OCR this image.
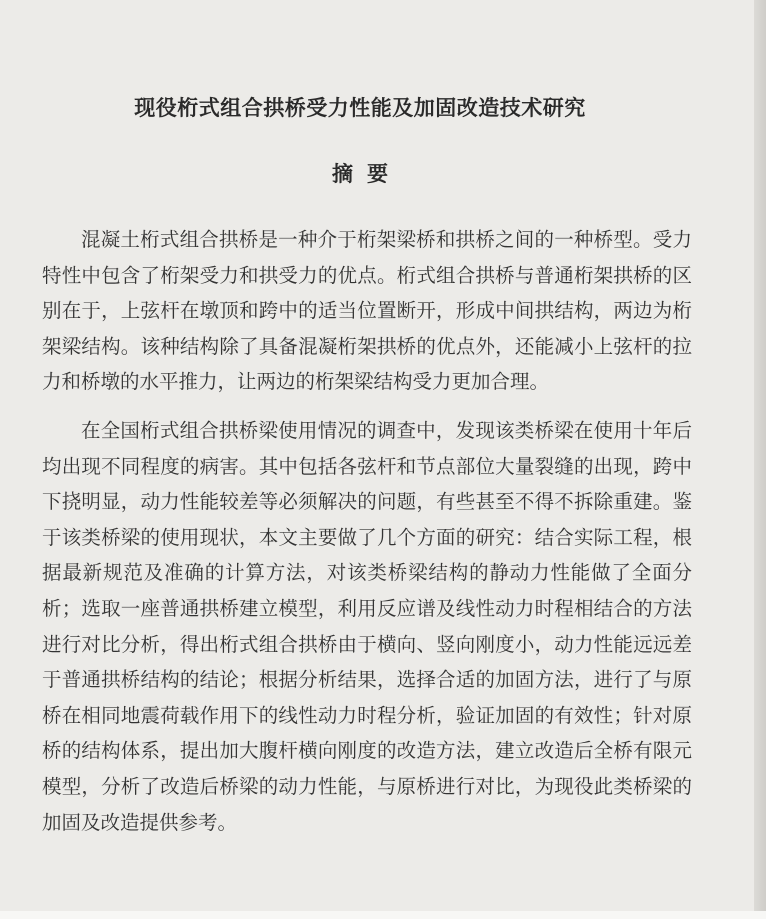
现役桁式组合拱桥受力性能及加固改造技术研究
摘要

混凝土桁式组合拱桥是一种介于桁架梁桥和拱桥之间的一种桥型。受力特性中包含了桁架受力和拱受力的优点。桁式组合拱桥与普通桁架拱桥的区别在于，上弦杆在墩顶和跨中的适当位置断开，形成中间拱结构，两边为桁架梁结构。该种结构除了具备混凝桁架拱桥的优点外，还能减小上弦杆的拉力和桥墩的水平推力，让两边的桁架梁结构受力更加合理。

在全国桁式组合拱桥梁使用情况的调查中，发现该类桥梁在使用十年后均出现不同程度的病害。其中包括各弦杆和节点部位大量裂缝的出现，跨中下挠明显，动力性能较差等必须解决的问题，有些甚至不得不拆除重建。鉴于该类桥梁的使用现状，本文主要做了几个方面的研究：结合实际工程，根据最新规范及准确的计算方法，对该类桥梁结构的静动力性能做了全面分析；选取一座普通拱桥建立模型，利用反应谱及线性动力时程相结合的方法进行对比分析，得出桁式组合拱桥由于横向、竖向刚度小，动力性能远远差于普通拱桥结构的结论；根据分析结果，选择合适的加固方法，进行了与原桥在相同地震荷载作用下的线性动力时程分析，验证加固的有效性；针对原桥的结构体系，提出加大腹杆横向刚度的改造方法，建立改造后全桥有限元模型，分析了改造后桥梁的动力性能，与原桥进行对比，为现役此类桥梁的加固及改造提供参考。
